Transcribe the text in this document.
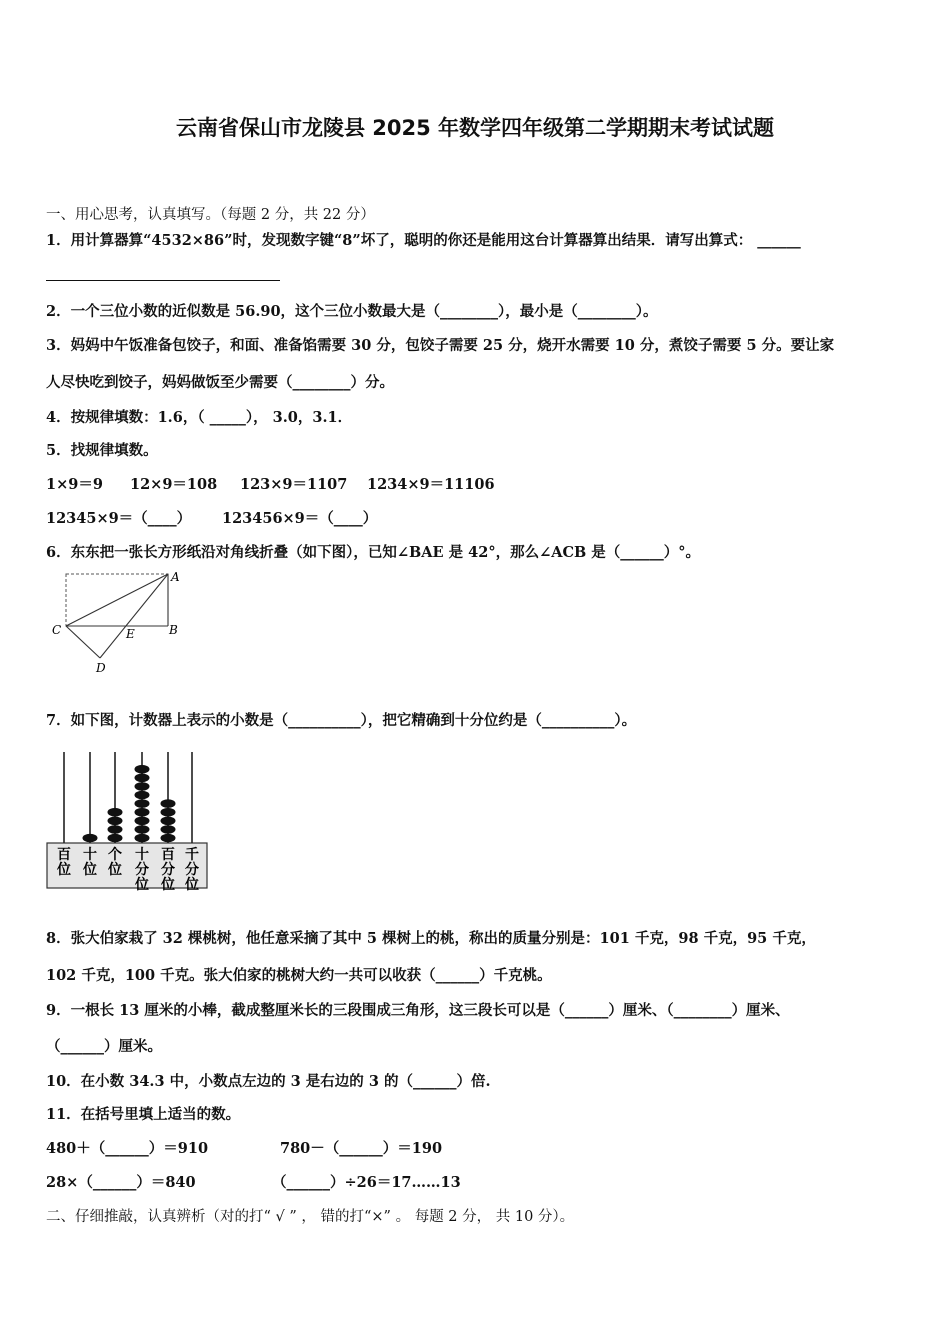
云南省保山市龙陵县 2025 年数学四年级第二学期期末考试试题
一、用心思考，认真填写。（每题 2 分，共 22 分）
1．用计算器算“4532×86”时，发现数字键“8”坏了，聪明的你还是能用这台计算器算出结果．请写出算式： ______
2．一个三位小数的近似数是 56.90，这个三位小数最大是（________），最小是（________）。
3．妈妈中午饭准备包饺子，和面、准备馅需要 30 分，包饺子需要 25 分，烧开水需要 10 分，煮饺子需要 5 分。要让家
人尽快吃到饺子，妈妈做饭至少需要（________）分。
4．按规律填数：1.6，（ _____）， 3.0，3.1．
5．找规律填数。
1×9＝9 12×9＝108 123×9＝1107 1234×9＝11106
12345×9＝（____） 123456×9＝（____）
6．东东把一张长方形纸沿对角线折叠（如下图），已知∠BAE 是 42°，那么∠ACB 是（______）°。
A
B
C
D
E
7．如下图，计数器上表示的小数是（__________），把它精确到十分位约是（__________）。
百
位
十
位
个
位
十
分
位
百
分
位
千
分
位
8．张大伯家栽了 32 棵桃树，他任意采摘了其中 5 棵树上的桃，称出的质量分别是：101 千克，98 千克，95 千克，
102 千克，100 千克。张大伯家的桃树大约一共可以收获（______）千克桃。
9．一根长 13 厘米的小棒，截成整厘米长的三段围成三角形，这三段长可以是（______）厘米、（________）厘米、
（______）厘米。
10．在小数 34.3 中，小数点左边的 3 是右边的 3 的（______）倍.
11．在括号里填上适当的数。
480＋（______）＝910	780－（______）＝190
28×（______）＝840	（______）÷26＝17……13
二、仔细推敲，认真辨析（对的打“ √ ” ， 错的打“×” 。 每题 2 分， 共 10 分）。
